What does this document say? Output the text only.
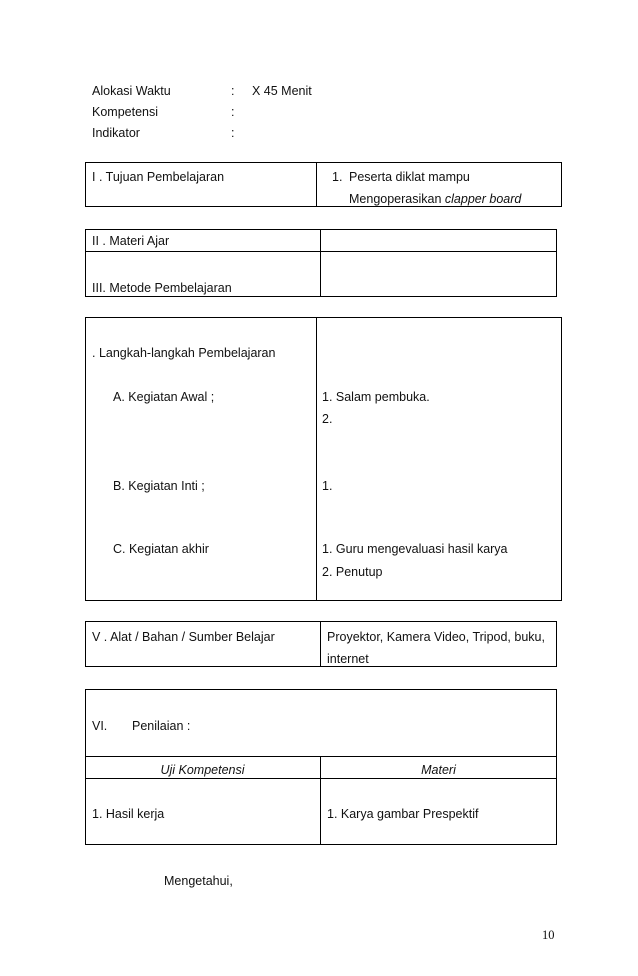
Alokasi Waktu	: X 45 Menit
Kompetensi	:
Indikator	:
I . Tujuan Pembelajaran	1. Peserta diklat mampu
Mengoperasikan clapper board
II . Materi Ajar
III. Metode Pembelajaran
. Langkah-langkah Pembelajaran
A. Kegiatan Awal ;	1. Salam pembuka.
2.
B. Kegiatan Inti ;	1.
C. Kegiatan akhir	1. Guru mengevaluasi hasil karya
2. Penutup
V . Alat / Bahan / Sumber Belajar	Proyektor, Kamera Video, Tripod, buku,
internet
VI. Penilaian :
Uji Kompetensi	Materi
1. Hasil kerja	1. Karya gambar Prespektif
Mengetahui,
10
